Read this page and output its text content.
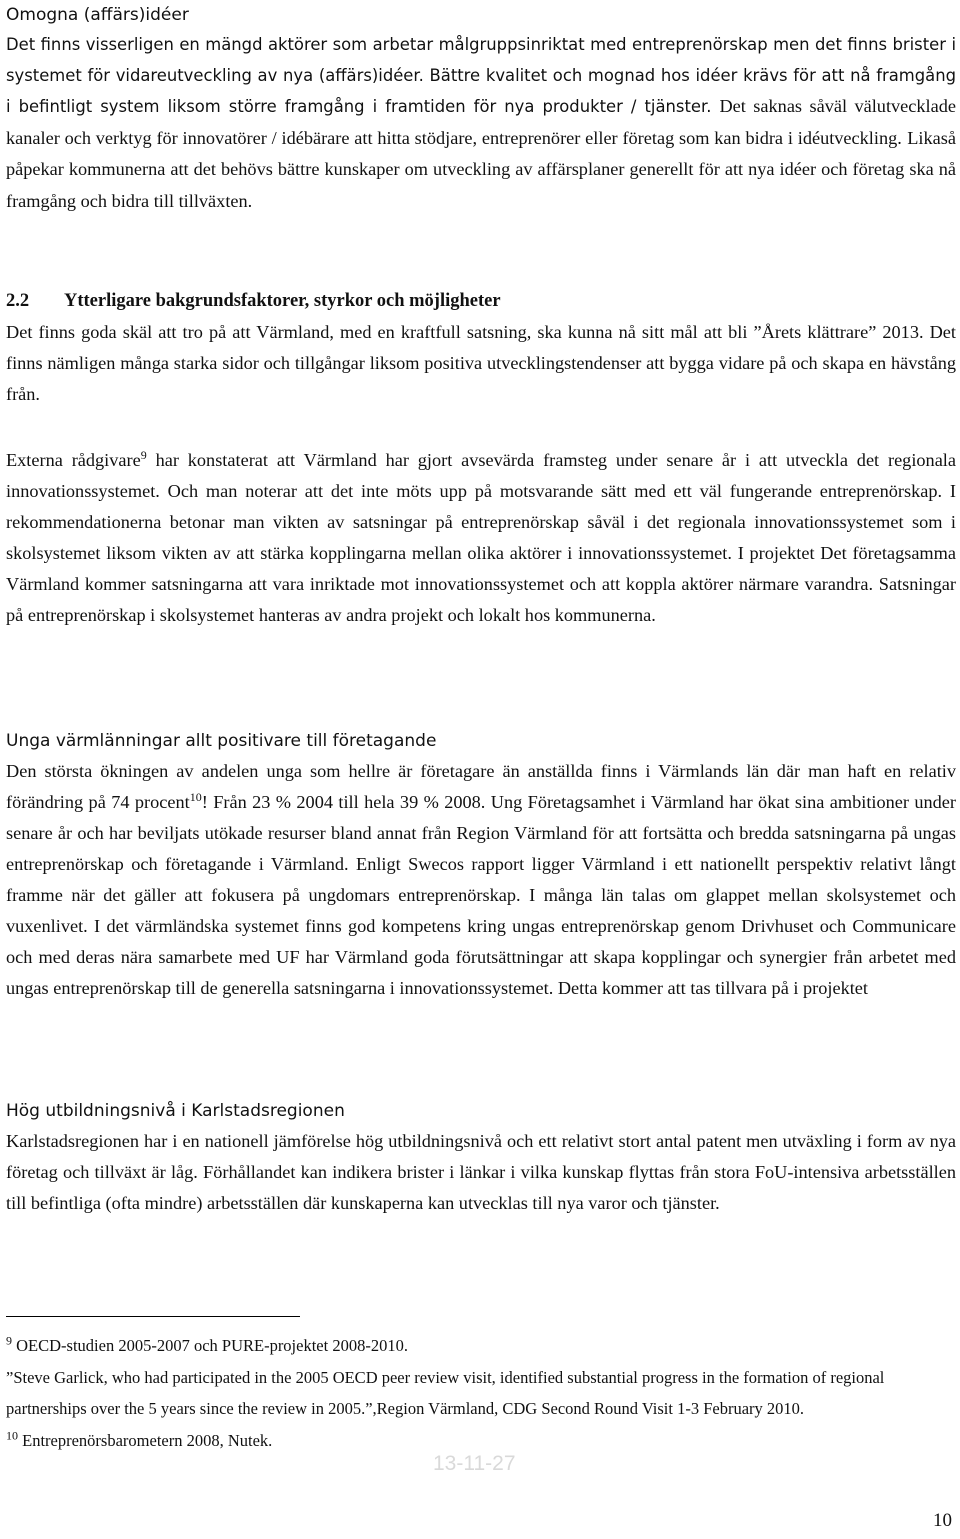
Omogna (affärs)idéer
Det finns visserligen en mängd aktörer som arbetar målgruppsinriktat med entreprenörskap men det finns brister i systemet för vidareutveckling av nya (affärs)idéer. Bättre kvalitet och mognad hos idéer krävs för att nå framgång i befintligt system liksom större framgång i framtiden för nya produkter / tjänster. Det saknas såväl välutvecklade kanaler och verktyg för innovatörer / idébärare att hitta stödjare, entreprenörer eller företag som kan bidra i idéutveckling. Likaså påpekar kommunerna att det behövs bättre kunskaper om utveckling av affärsplaner generellt för att nya idéer och företag ska nå framgång och bidra till tillväxten.
2.2 Ytterligare bakgrundsfaktorer, styrkor och möjligheter

Det finns goda skäl att tro på att Värmland, med en kraftfull satsning, ska kunna nå sitt mål att bli ”Årets klättrare” 2013. Det finns nämligen många starka sidor och tillgångar liksom positiva utvecklingstendenser att bygga vidare på och skapa en hävstång från.

Externa rådgivare$^9$ har konstaterat att Värmland har gjort avsevärda framsteg under senare år i att utveckla det regionala innovationssystemet. Och man noterar att det inte möts upp på motsvarande sätt med ett väl fungerande entreprenörskap. I rekommendationerna betonar man vikten av satsningar på entreprenörskap såväl i det regionala innovationssystemet som i skolsystemet liksom vikten av att stärka kopplingarna mellan olika aktörer i innovationssystemet. I projektet Det företagsamma Värmland kommer satsningarna att vara inriktade mot innovationssystemet och att koppla aktörer närmare varandra. Satsningar på entreprenörskap i skolsystemet hanteras av andra projekt och lokalt hos kommunerna.

Unga värmlänningar allt positivare till företagande

Den största ökningen av andelen unga som hellre är företagare än anställda finns i Värmlands län där man haft en relativ förändring på 74 procent$^{10}$! Från 23 % 2004 till hela 39 % 2008. Ung Företagsamhet i Värmland har ökat sina ambitioner under senare år och har beviljats utökade resurser bland annat från Region Värmland för att fortsätta och bredda satsningarna på ungas entreprenörskap och företagande i Värmland. Enligt Swecos rapport ligger Värmland i ett nationellt perspektiv relativt långt framme när det gäller att fokusera på ungdomars entreprenörskap. I många län talas om glappet mellan skolsystemet och vuxenlivet. I det värmländska systemet finns god kompetens kring ungas entreprenörskap genom Drivhuset och Communicare och med deras nära samarbete med UF har Värmland goda förutsättningar att skapa kopplingar och synergier från arbetet med ungas entreprenörskap till de generella satsningarna i innovationssystemet. Detta kommer att tas tillvara på i projektet

Hög utbildningsnivå i Karlstadsregionen

Karlstadsregionen har i en nationell jämförelse hög utbildningsnivå och ett relativt stort antal patent men utväxling i form av nya företag och tillväxt är låg. Förhållandet kan indikera brister i länkar i vilka kunskap flyttas från stora FoU-intensiva arbetsställen till befintliga (ofta mindre) arbetsställen där kunskaperna kan utvecklas till nya varor och tjänster.

$^9$ OECD-studien 2005-2007 och PURE-projektet 2008-2010.
”Steve Garlick, who had participated in the 2005 OECD peer review visit, identified substantial progress in the formation of regional partnerships over the 5 years since the review in 2005.”,Region Värmland, CDG Second Round Visit 1-3 February 2010.
$^{10}$ Entreprenörsbarometern 2008, Nutek.
13-11-27
10
